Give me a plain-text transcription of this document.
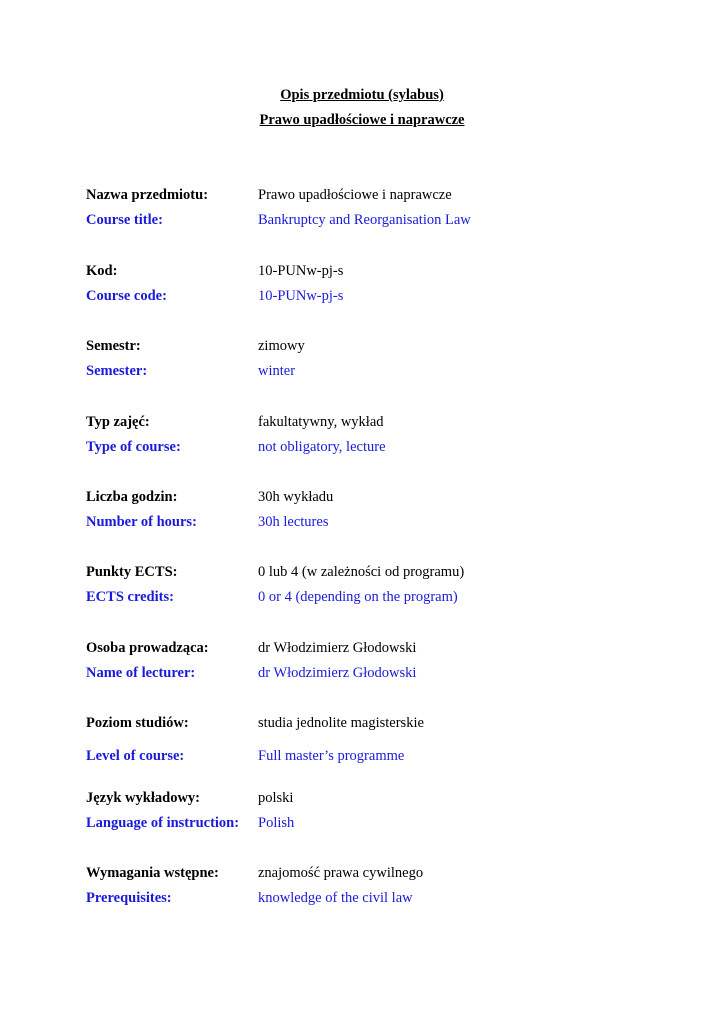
Opis przedmiotu (sylabus)
Prawo upadłościowe i naprawcze
Nazwa przedmiotu:	Prawo upadłościowe i naprawcze
Course title:	Bankruptcy and Reorganisation Law
Kod:	10-PUNw-pj-s
Course code:	10-PUNw-pj-s
Semestr:	zimowy
Semester:	winter
Typ zajęć:	fakultatywny, wykład
Type of course:	not obligatory, lecture
Liczba godzin:	30h wykładu
Number of hours:	30h lectures
Punkty ECTS:	0 lub 4 (w zależności od programu)
ECTS credits:	0 or 4 (depending on the program)
Osoba prowadząca:	dr Włodzimierz Głodowski
Name of lecturer:	dr Włodzimierz Głodowski
Poziom studiów:	studia jednolite magisterskie
Level of course:	Full master’s programme
Język wykładowy:	polski
Language of instruction: Polish
Wymagania wstępne:	znajomość prawa cywilnego
Prerequisites:	knowledge of the civil law
